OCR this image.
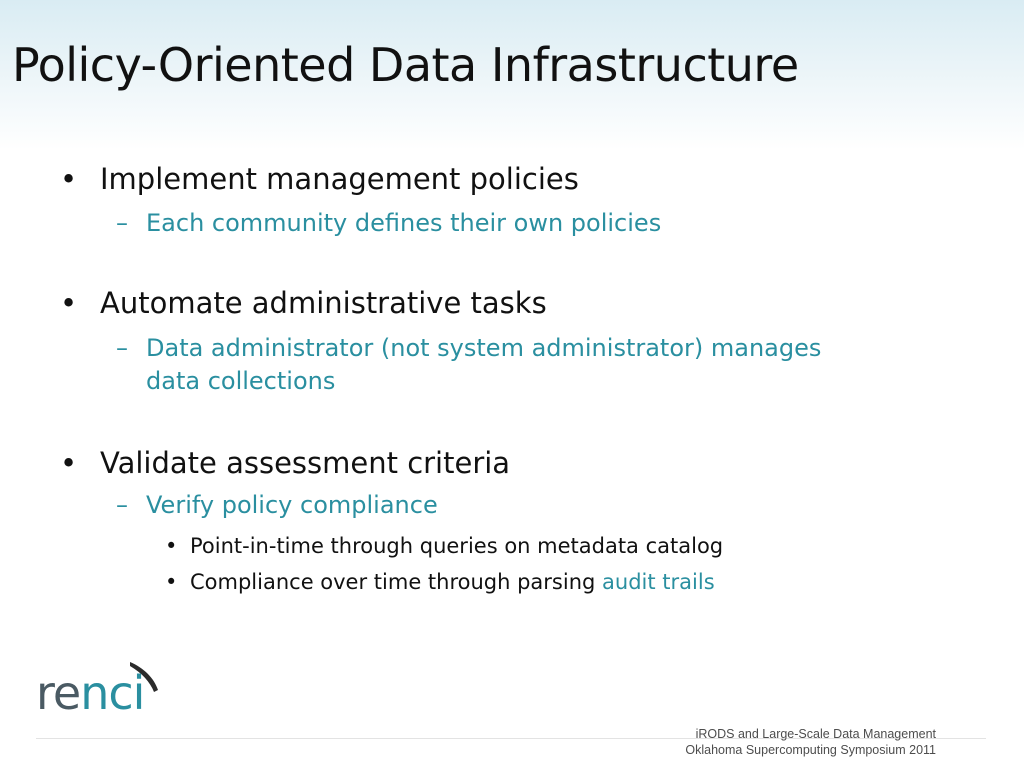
Policy-Oriented Data Infrastructure
• Implement management policies
– Each community defines their own policies
• Automate administrative tasks
– Data administrator (not system administrator) manages
data collections
• Validate assessment criteria
– Verify policy compliance
• Point-in-time through queries on metadata catalog
• Compliance over time through parsing audit trails
renci
iRODS and Large-Scale Data Management
Oklahoma Supercomputing Symposium 2011
